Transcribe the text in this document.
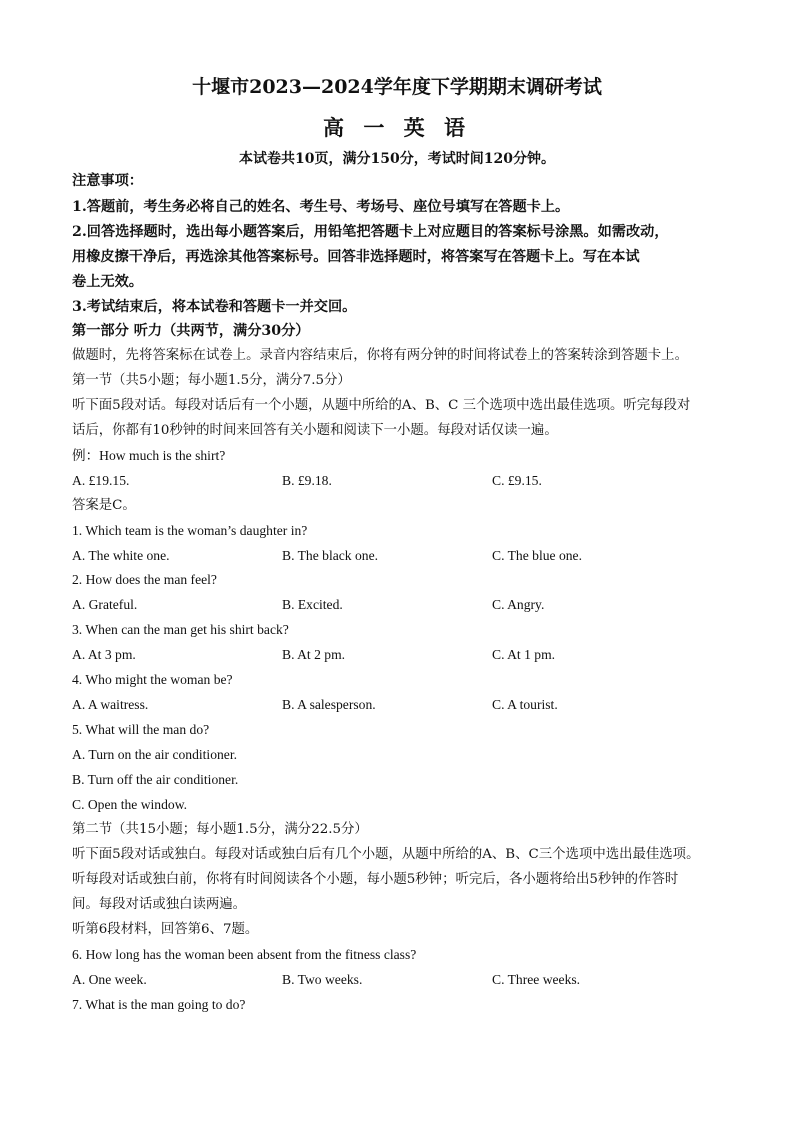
十堰市2023—2024学年度下学期期末调研考试
高 一 英 语
本试卷共10页，满分150分，考试时间120分钟。
注意事项：
1.答题前，考生务必将自己的姓名、考生号、考场号、座位号填写在答题卡上。
2.回答选择题时，选出每小题答案后，用铅笔把答题卡上对应题目的答案标号涂黑。如需改动，
用橡皮擦干净后，再选涂其他答案标号。回答非选择题时，将答案写在答题卡上。写在本试
卷上无效。
3.考试结束后，将本试卷和答题卡一并交回。
第一部分 听力（共两节，满分30分）
做题时，先将答案标在试卷上。录音内容结束后，你将有两分钟的时间将试卷上的答案转涂到答题卡上。
第一节（共5小题；每小题1.5分，满分7.5分）
听下面5段对话。每段对话后有一个小题，从题中所给的A、B、C 三个选项中选出最佳选项。听完每段对
话后，你都有10秒钟的时间来回答有关小题和阅读下一小题。每段对话仅读一遍。
例：How much is the shirt?
A. £19.15.	B. £9.18.	C. £9.15.
答案是C。
1. Which team is the woman’s daughter in?
A. The white one.	B. The black one.	C. The blue one.
2. How does the man feel?
A. Grateful.	B. Excited.	C. Angry.
3. When can the man get his shirt back?
A. At 3 pm.	B. At 2 pm.	C. At 1 pm.
4. Who might the woman be?
A. A waitress.	B. A salesperson.	C. A tourist.
5. What will the man do?
A. Turn on the air conditioner.
B. Turn off the air conditioner.
C. Open the window.
第二节（共15小题；每小题1.5分，满分22.5分）
听下面5段对话或独白。每段对话或独白后有几个小题，从题中所给的A、B、C三个选项中选出最佳选项。
听每段对话或独白前，你将有时间阅读各个小题，每小题5秒钟；听完后，各小题将给出5秒钟的作答时
间。每段对话或独白读两遍。
听第6段材料，回答第6、7题。
6. How long has the woman been absent from the fitness class?
A. One week.	B. Two weeks.	C. Three weeks.
7. What is the man going to do?
